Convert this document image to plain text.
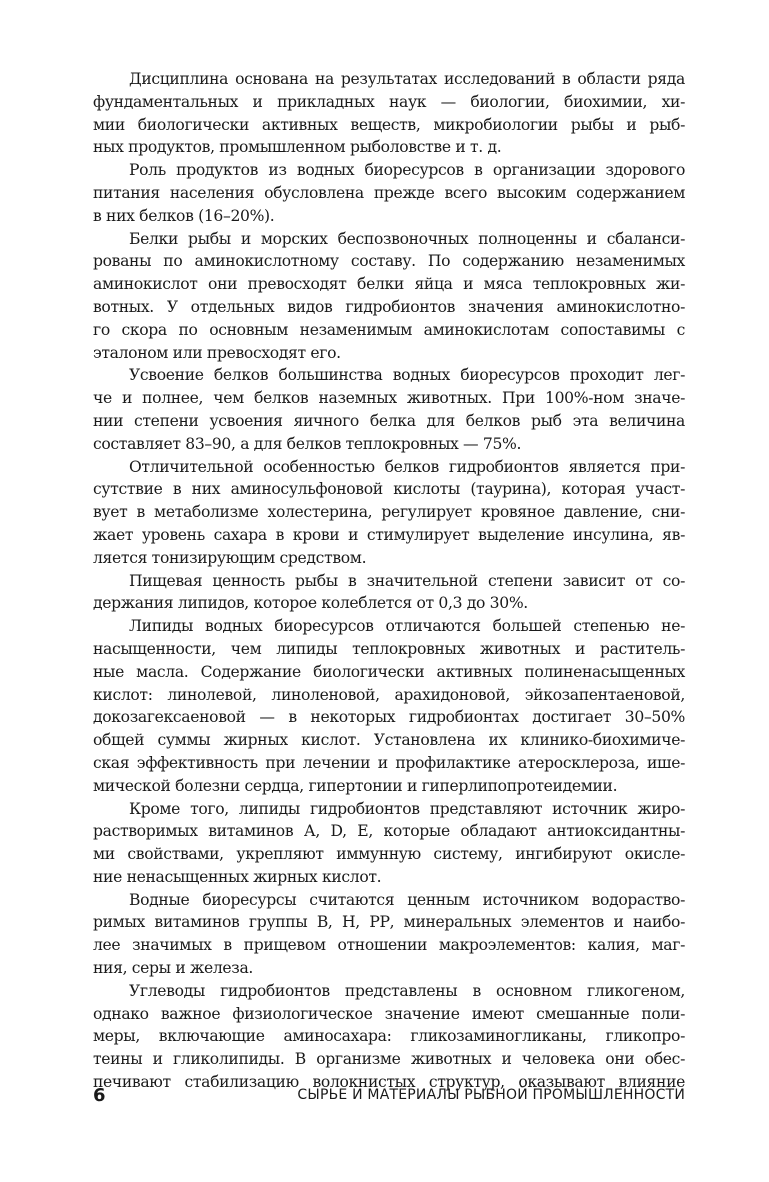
Дисциплина основана на результатах исследований в области ряда
фундаментальных и прикладных наук — биологии, биохимии, хи-
мии биологически активных веществ, микробиологии рыбы и рыб-
ных продуктов, промышленном рыболовстве и т. д.

Роль продуктов из водных биоресурсов в организации здорового
питания населения обусловлена прежде всего высоким содержанием
в них белков (16–20%).

Белки рыбы и морских беспозвоночных полноценны и сбаланси-
рованы по аминокислотному составу. По содержанию незаменимых
аминокислот они превосходят белки яйца и мяса теплокровных жи-
вотных. У отдельных видов гидробионтов значения аминокислотно-
го скора по основным незаменимым аминокислотам сопоставимы с
эталоном или превосходят его.

Усвоение белков большинства водных биоресурсов проходит лег-
че и полнее, чем белков наземных животных. При 100%-ном значе-
нии степени усвоения яичного белка для белков рыб эта величина
составляет 83–90, а для белков теплокровных — 75%.

Отличительной особенностью белков гидробионтов является при-
сутствие в них аминосульфоновой кислоты (таурина), которая участ-
вует в метаболизме холестерина, регулирует кровяное давление, сни-
жает уровень сахара в крови и стимулирует выделение инсулина, яв-
ляется тонизирующим средством.

Пищевая ценность рыбы в значительной степени зависит от со-
держания липидов, которое колеблется от 0,3 до 30%.

Липиды водных биоресурсов отличаются большей степенью не-
насыщенности, чем липиды теплокровных животных и раститель-
ные масла. Содержание биологически активных полиненасыщенных
кислот: линолевой, линоленовой, арахидоновой, эйкозапентаеновой,
докозагексаеновой — в некоторых гидробионтах достигает 30–50%
общей суммы жирных кислот. Установлена их клинико-биохимиче-
ская эффективность при лечении и профилактике атеросклероза, ише-
мической болезни сердца, гипертонии и гиперлипопротеидемии.

Кроме того, липиды гидробионтов представляют источник жиро-
растворимых витаминов А, D, Е, которые обладают антиоксидантны-
ми свойствами, укрепляют иммунную систему, ингибируют окисле-
ние ненасыщенных жирных кислот.

Водные биоресурсы считаются ценным источником водораство-
римых витаминов группы В, Н, РР, минеральных элементов и наибо-
лее значимых в прищевом отношении макроэлементов: калия, маг-
ния, серы и железа.

Углеводы гидробионтов представлены в основном гликогеном,
однако важное физиологическое значение имеют смешанные поли-
меры, включающие аминосахара: гликозаминогликаны, гликопро-
теины и гликолипиды. В организме животных и человека они обес-
печивают стабилизацию волокнистых структур, оказывают влияние

6	СЫРЬЕ И МАТЕРИАЛЫ РЫБНОЙ ПРОМЫШЛЕННОСТИ
